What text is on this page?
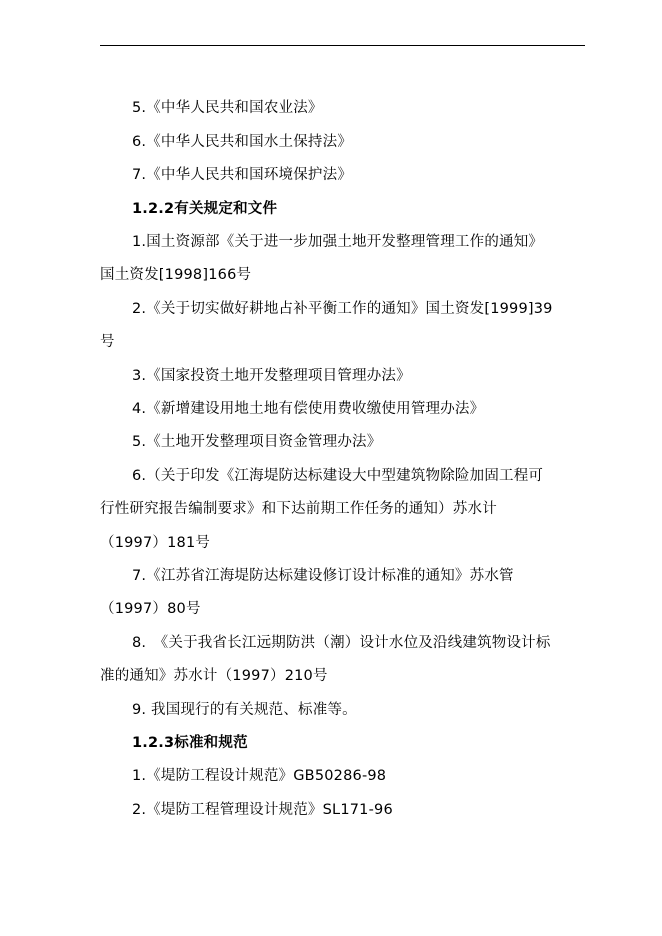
5.《中华人民共和国农业法》
6.《中华人民共和国水土保持法》
7.《中华人民共和国环境保护法》
1.2.2有关规定和文件
1.国土资源部《关于进一步加强土地开发整理管理工作的通知》
国土资发[1998]166号
2.《关于切实做好耕地占补平衡工作的通知》国土资发[1999]39
号
3.《国家投资土地开发整理项目管理办法》
4.《新增建设用地土地有偿使用费收缴使用管理办法》
5.《土地开发整理项目资金管理办法》
6.（关于印发《江海堤防达标建设大中型建筑物除险加固工程可
行性研究报告编制要求》和下达前期工作任务的通知）苏水计
（1997）181号
7.《江苏省江海堤防达标建设修订设计标准的通知》苏水管
（1997）80号
8.　《关于我省长江远期防洪（潮）设计水位及沿线建筑物设计标
准的通知》苏水计（1997）210号
9. 我国现行的有关规范、标准等。
1.2.3标准和规范
1.《堤防工程设计规范》GB50286-98
2.《堤防工程管理设计规范》SL171-96
